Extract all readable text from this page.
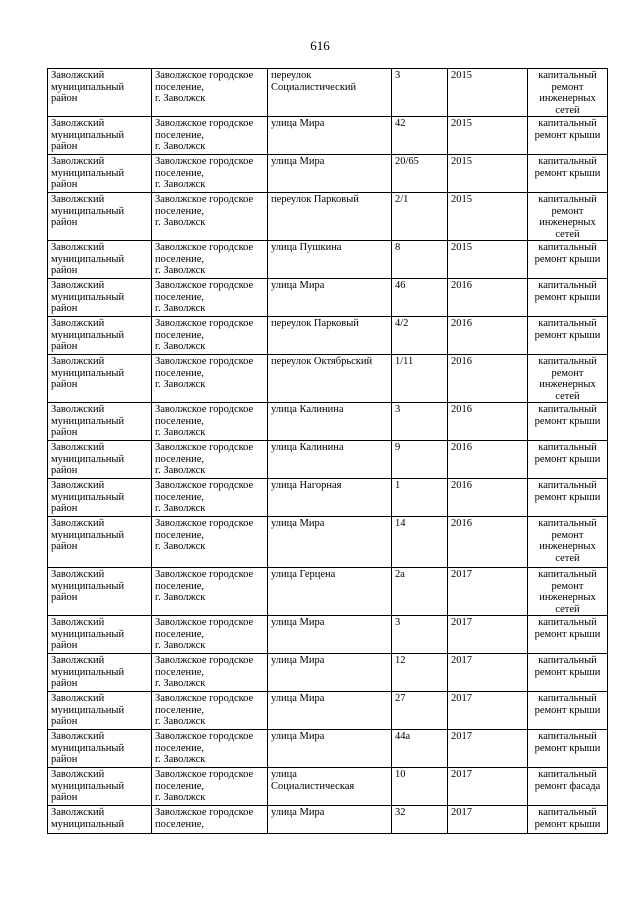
616
Заволжский
муниципальный
район	Заволжское городское
поселение,
г. Заволжск	переулок
Социалистический	3	2015	капитальный
ремонт
инженерных
сетей
Заволжский
муниципальный
район	Заволжское городское
поселение,
г. Заволжск	улица Мира	42	2015	капитальный
ремонт крыши
Заволжский
муниципальный
район	Заволжское городское
поселение,
г. Заволжск	улица Мира	20/65	2015	капитальный
ремонт крыши
Заволжский
муниципальный
район	Заволжское городское
поселение,
г. Заволжск	переулок Парковый	2/1	2015	капитальный
ремонт
инженерных
сетей
Заволжский
муниципальный
район	Заволжское городское
поселение,
г. Заволжск	улица Пушкина	8	2015	капитальный
ремонт крыши
Заволжский
муниципальный
район	Заволжское городское
поселение,
г. Заволжск	улица Мира	46	2016	капитальный
ремонт крыши
Заволжский
муниципальный
район	Заволжское городское
поселение,
г. Заволжск	переулок Парковый	4/2	2016	капитальный
ремонт крыши
Заволжский
муниципальный
район	Заволжское городское
поселение,
г. Заволжск	переулок Октябрьский	1/11	2016	капитальный
ремонт
инженерных
сетей
Заволжский
муниципальный
район	Заволжское городское
поселение,
г. Заволжск	улица Калинина	3	2016	капитальный
ремонт крыши
Заволжский
муниципальный
район	Заволжское городское
поселение,
г. Заволжск	улица Калинина	9	2016	капитальный
ремонт крыши
Заволжский
муниципальный
район	Заволжское городское
поселение,
г. Заволжск	улица Нагорная	1	2016	капитальный
ремонт крыши
Заволжский
муниципальный
район	Заволжское городское
поселение,
г. Заволжск	улица Мира	14	2016	капитальный
ремонт
инженерных
сетей
Заволжский
муниципальный
район	Заволжское городское
поселение,
г. Заволжск	улица Герцена	2а	2017	капитальный
ремонт
инженерных
сетей
Заволжский
муниципальный
район	Заволжское городское
поселение,
г. Заволжск	улица Мира	3	2017	капитальный
ремонт крыши
Заволжский
муниципальный
район	Заволжское городское
поселение,
г. Заволжск	улица Мира	12	2017	капитальный
ремонт крыши
Заволжский
муниципальный
район	Заволжское городское
поселение,
г. Заволжск	улица Мира	27	2017	капитальный
ремонт крыши
Заволжский
муниципальный
район	Заволжское городское
поселение,
г. Заволжск	улица Мира	44а	2017	капитальный
ремонт крыши
Заволжский
муниципальный
район	Заволжское городское
поселение,
г. Заволжск	улица
Социалистическая	10	2017	капитальный
ремонт фасада
Заволжский
муниципальный	Заволжское городское
поселение,	улица Мира	32	2017	капитальный
ремонт крыши
